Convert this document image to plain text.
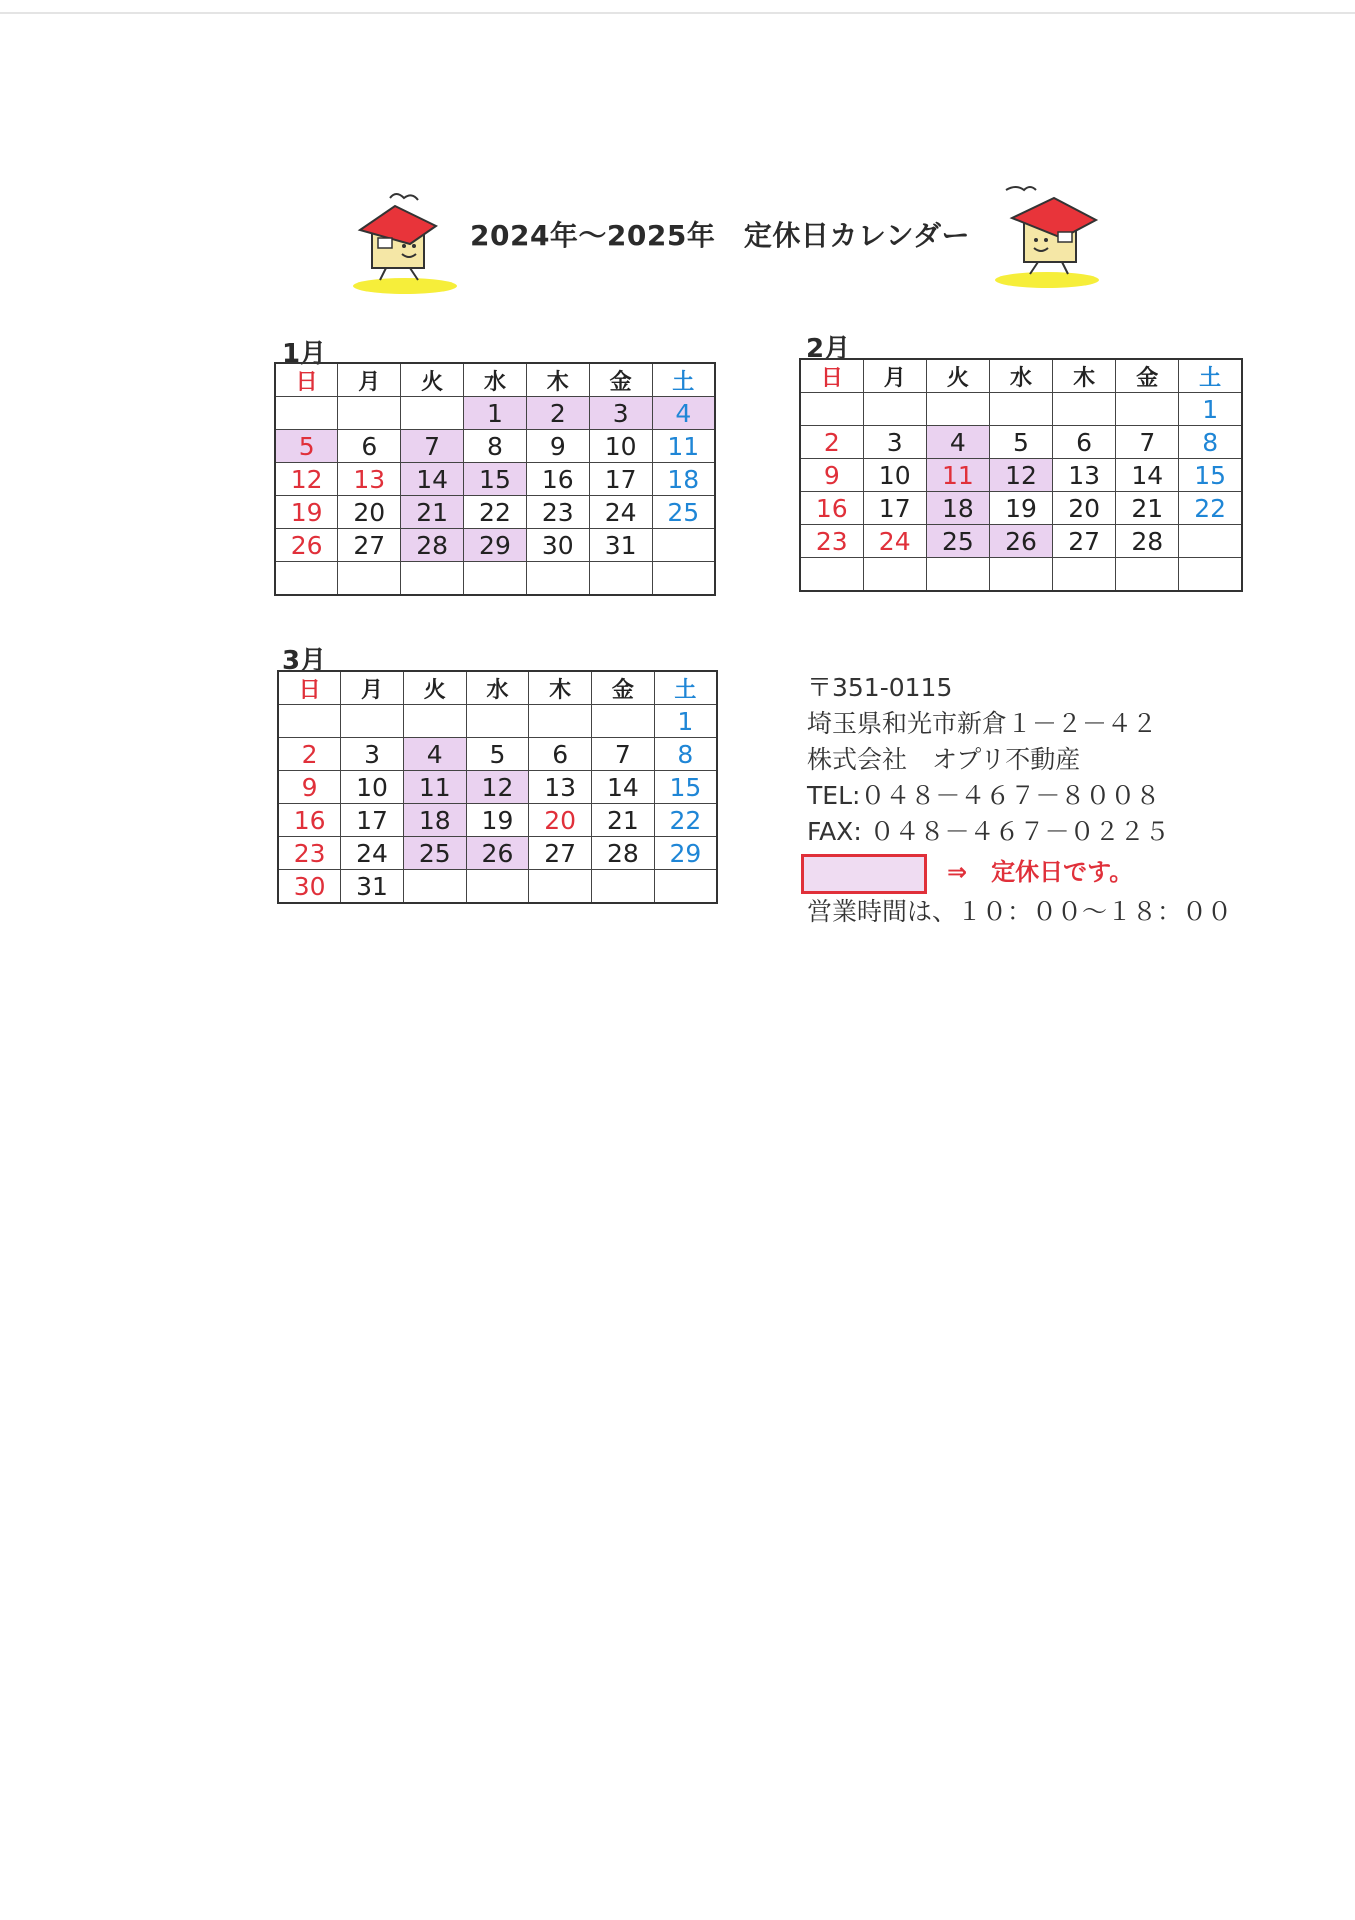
2024年～2025年　定休日カレンダー
1月	2月
3月
日	月	火	水	木	金	土
			1	2	3	4
5	6	7	8	9	10	11
12	13	14	15	16	17	18
19	20	21	22	23	24	25
26	27	28	29	30	31	

日	月	火	水	木	金	土
						1
2	3	4	5	6	7	8
9	10	11	12	13	14	15
16	17	18	19	20	21	22
23	24	25	26	27	28	

日	月	火	水	木	金	土
						1
2	3	4	5	6	7	8
9	10	11	12	13	14	15
16	17	18	19	20	21	22
23	24	25	26	27	28	29
30	31					
〒351-0115
埼玉県和光市新倉１－２－４２
株式会社　オプリ不動産
TEL:０４８－４６７－８００８
FAX: ０４８－４６７－０２２５
⇒　定休日です。
営業時間は、１０：００～１８：００
